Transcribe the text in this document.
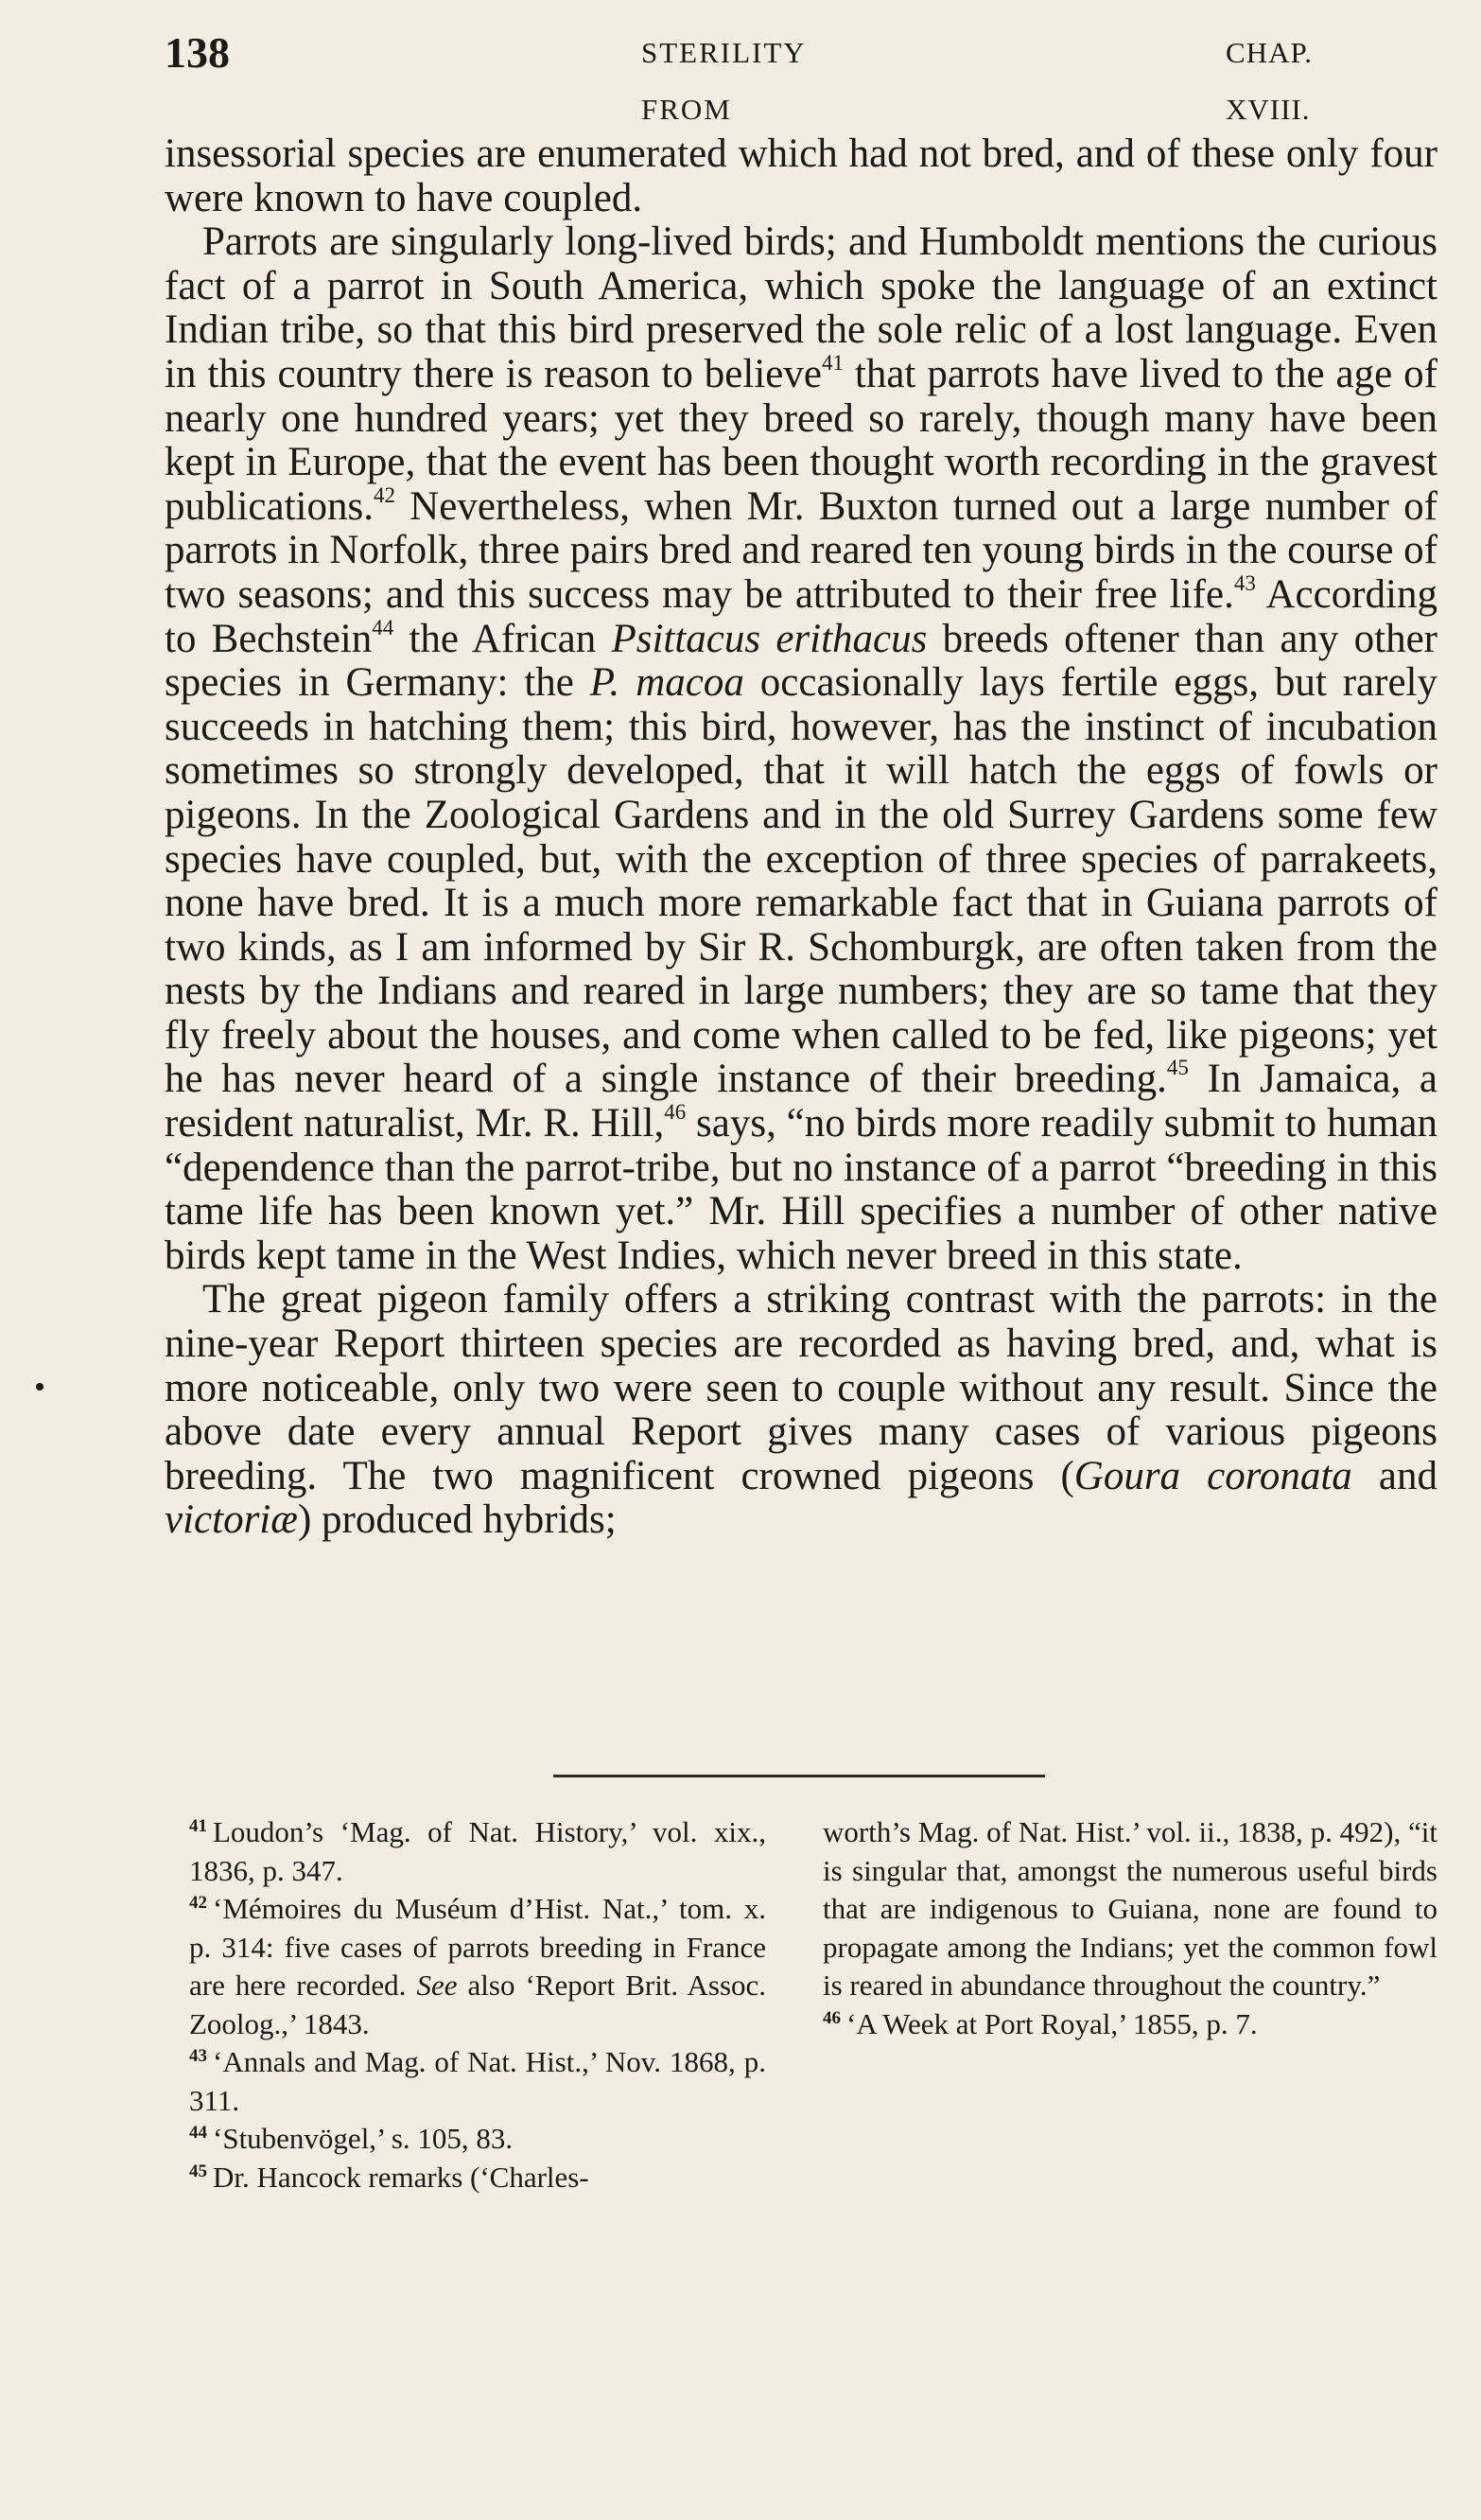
138	STERILITY FROM
CHAP. XVIII.

insessorial species are enumerated which had not bred, and of these only four were known to have coupled.

Parrots are singularly long-lived birds; and Humboldt mentions the curious fact of a parrot in South America, which spoke the language of an extinct Indian tribe, so that this bird preserved the sole relic of a lost language. Even in this country there is reason to believe$^{41}$ that parrots have lived to the age of nearly one hundred years; yet they breed so rarely, though many have been kept in Europe, that the event has been thought worth recording in the gravest publications.$^{42}$ Nevertheless, when Mr. Buxton turned out a large number of parrots in Norfolk, three pairs bred and reared ten young birds in the course of two seasons; and this success may be attributed to their free life.$^{43}$ According to Bechstein$^{44}$ the African Psittacus erithacus breeds oftener than any other species in Germany: the P. macoa occasionally lays fertile eggs, but rarely succeeds in hatching them; this bird, however, has the instinct of incubation sometimes so strongly developed, that it will hatch the eggs of fowls or pigeons. In the Zoological Gardens and in the old Surrey Gardens some few species have coupled, but, with the exception of three species of parrakeets, none have bred. It is a much more remarkable fact that in Guiana parrots of two kinds, as I am informed by Sir R. Schomburgk, are often taken from the nests by the Indians and reared in large numbers; they are so tame that they fly freely about the houses, and come when called to be fed, like pigeons; yet he has never heard of a single instance of their breeding.$^{45}$ In Jamaica, a resident naturalist, Mr. R. Hill,$^{46}$ says, “no birds more readily submit to human “dependence than the parrot-tribe, but no instance of a parrot “breeding in this tame life has been known yet.” Mr. Hill specifies a number of other native birds kept tame in the West Indies, which never breed in this state.

The great pigeon family offers a striking contrast with the parrots: in the nine-year Report thirteen species are recorded as having bred, and, what is more noticeable, only two were seen to couple without any result. Since the above date every annual Report gives many cases of various pigeons breeding. The two magnificent crowned pigeons (Goura coronata and victoriæ) produced hybrids;

$^{41}$ Loudon’s ‘Mag. of Nat. History,’ vol. xix., 1836, p. 347.

$^{42}$ ‘Mémoires du Muséum d’Hist. Nat.,’ tom. x. p. 314: five cases of parrots breeding in France are here recorded. See also ‘Report Brit. Assoc. Zoolog.,’ 1843.

$^{43}$ ‘Annals and Mag. of Nat. Hist.,’ Nov. 1868, p. 311.

$^{44}$ ‘Stubenvögel,’ s. 105, 83.

$^{45}$ Dr. Hancock remarks (‘Charles-

worth’s Mag. of Nat. Hist.’ vol. ii., 1838, p. 492), “it is singular that, amongst the numerous useful birds that are indigenous to Guiana, none are found to propagate among the Indians; yet the common fowl is reared in abundance throughout the country.”

$^{46}$ ‘A Week at Port Royal,’ 1855, p. 7.
